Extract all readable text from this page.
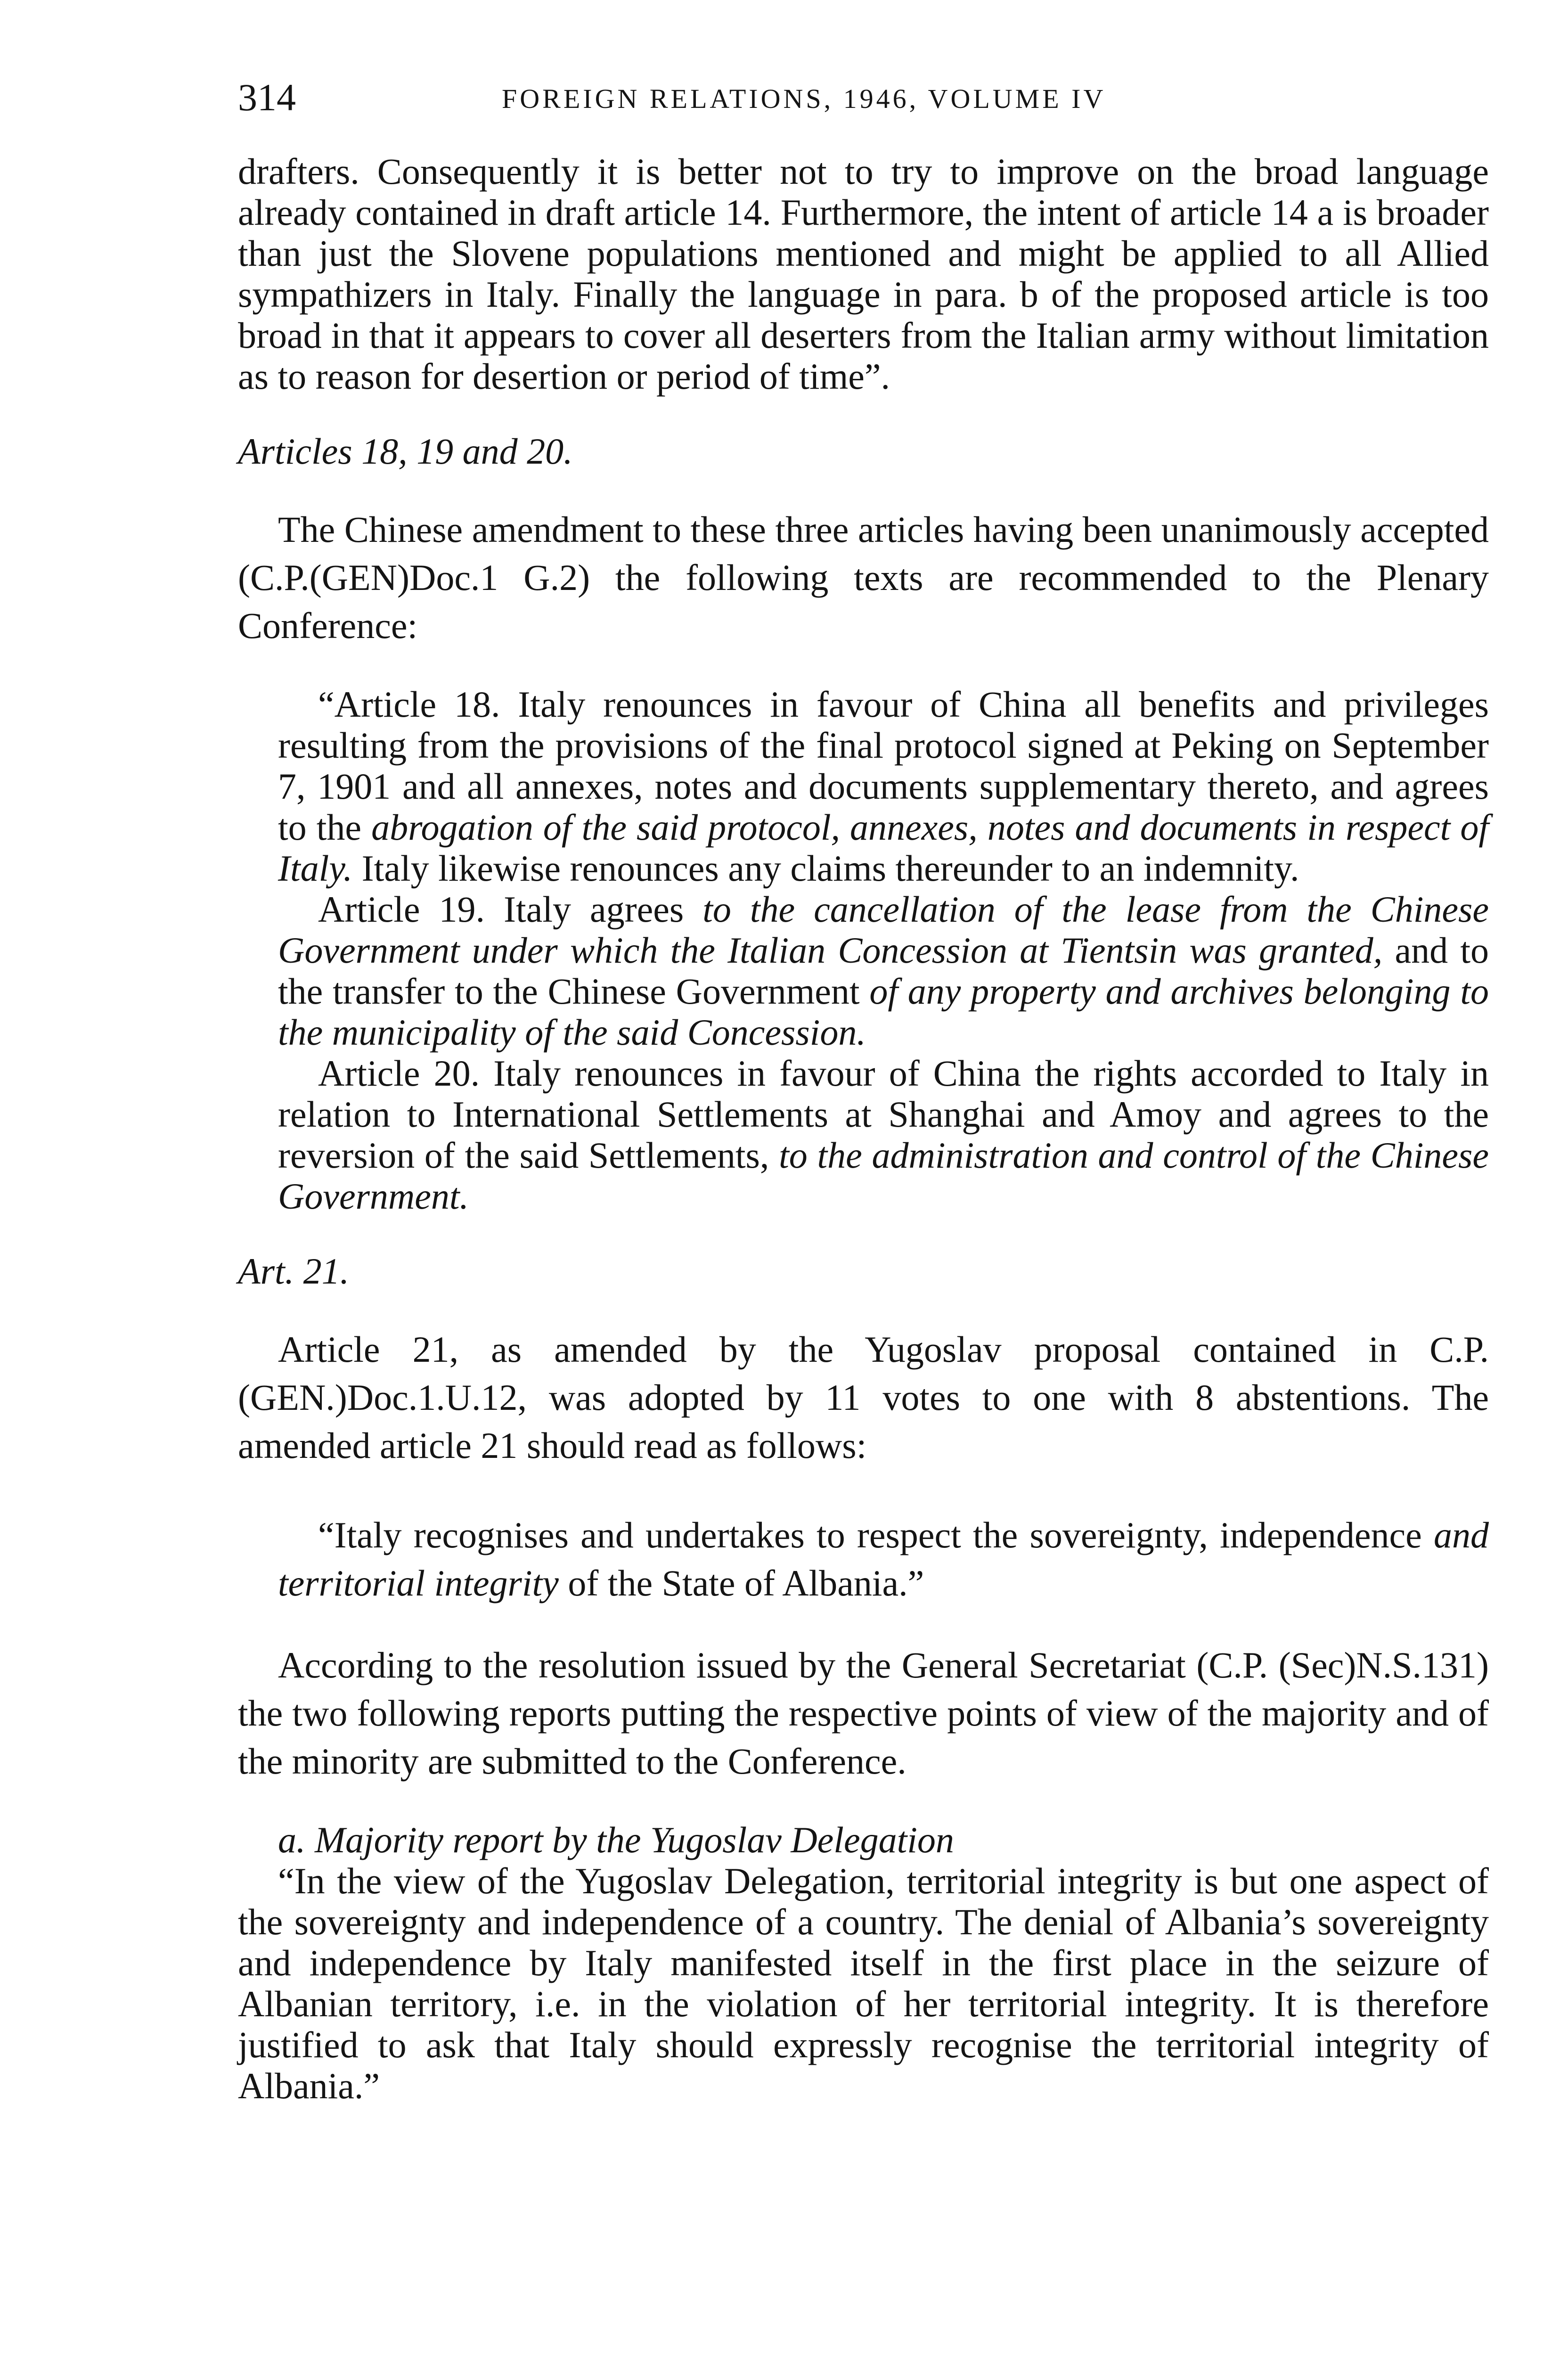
314	FOREIGN RELATIONS, 1946, VOLUME IV

drafters. Consequently it is better not to try to improve on the broad language already contained in draft article 14. Furthermore, the intent of article 14 a is broader than just the Slovene populations mentioned and might be applied to all Allied sympathizers in Italy. Finally the language in para. b of the proposed article is too broad in that it appears to cover all deserters from the Italian army without limitation as to reason for desertion or period of time”.

Articles 18, 19 and 20.

The Chinese amendment to these three articles having been unanimously accepted (C.P.(GEN)Doc.1 G.2) the following texts are recommended to the Plenary Conference:

“Article 18. Italy renounces in favour of China all benefits and privileges resulting from the provisions of the final protocol signed at Peking on September 7, 1901 and all annexes, notes and documents supplementary thereto, and agrees to the abrogation of the said protocol, annexes, notes and documents in respect of Italy. Italy likewise renounces any claims thereunder to an indemnity.

Article 19. Italy agrees to the cancellation of the lease from the Chinese Government under which the Italian Concession at Tientsin was granted, and to the transfer to the Chinese Government of any property and archives belonging to the municipality of the said Concession.

Article 20. Italy renounces in favour of China the rights accorded to Italy in relation to International Settlements at Shanghai and Amoy and agrees to the reversion of the said Settlements, to the administration and control of the Chinese Government.

Art. 21.

Article 21, as amended by the Yugoslav proposal contained in C.P. (GEN.)Doc.1.U.12, was adopted by 11 votes to one with 8 abstentions. The amended article 21 should read as follows:

“Italy recognises and undertakes to respect the sovereignty, independence and territorial integrity of the State of Albania.”

According to the resolution issued by the General Secretariat (C.P. (Sec)N.S.131) the two following reports putting the respective points of view of the majority and of the minority are submitted to the Conference.

a. Majority report by the Yugoslav Delegation

“In the view of the Yugoslav Delegation, territorial integrity is but one aspect of the sovereignty and independence of a country. The denial of Albania’s sovereignty and independence by Italy manifested itself in the first place in the seizure of Albanian territory, i.e. in the violation of her territorial integrity. It is therefore justified to ask that Italy should expressly recognise the territorial integrity of Albania.”
